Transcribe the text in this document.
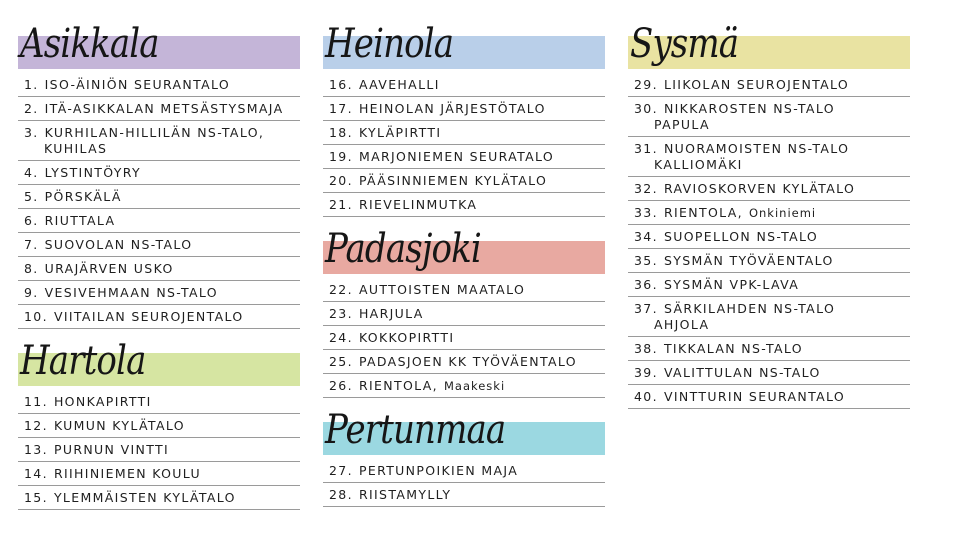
Asikkala
1. ISO-ÄINIÖN SEURANTALO
2. ITÄ-ASIKKALAN METSÄSTYSMAJA
3. KURHILAN-HILLILÄN NS-TALO,
KUHILAS
4. LYSTINTÖYRY
5. PÖRSKÄLÄ
6. RIUTTALA
7. SUOVOLAN NS-TALO
8. URAJÄRVEN USKO
9. VESIVEHMAAN NS-TALO
10. VIITAILAN SEUROJENTALO
Hartola
11. HONKAPIRTTI
12. KUMUN KYLÄTALO
13. PURNUN VINTTI
14. RIIHINIEMEN KOULU
15. YLEMMÄISTEN KYLÄTALO
Heinola
16. AAVEHALLI
17. HEINOLAN JÄRJESTÖTALO
18. KYLÄPIRTTI
19. MARJONIEMEN SEURATALO
20. PÄÄSINNIEMEN KYLÄTALO
21. RIEVELINMUTKA
Padasjoki
22. AUTTOISTEN MAATALO
23. HARJULA
24. KOKKOPIRTTI
25. PADASJOEN KK TYÖVÄENTALO
26. RIENTOLA, Maakeski
Pertunmaa
27. PERTUNPOIKIEN MAJA
28. RIISTAMYLLY
Sysmä
29. LIIKOLAN SEUROJENTALO
30. NIKKAROSTEN NS-TALO
PAPULA
31. NUORAMOISTEN NS-TALO
KALLIOMÄKI
32. RAVIOSKORVEN KYLÄTALO
33. RIENTOLA, Onkiniemi
34. SUOPELLON NS-TALO
35. SYSMÄN TYÖVÄENTALO
36. SYSMÄN VPK-LAVA
37. SÄRKILAHDEN NS-TALO
AHJOLA
38. TIKKALAN NS-TALO
39. VALITTULAN NS-TALO
40. VINTTURIN SEURANTALO
